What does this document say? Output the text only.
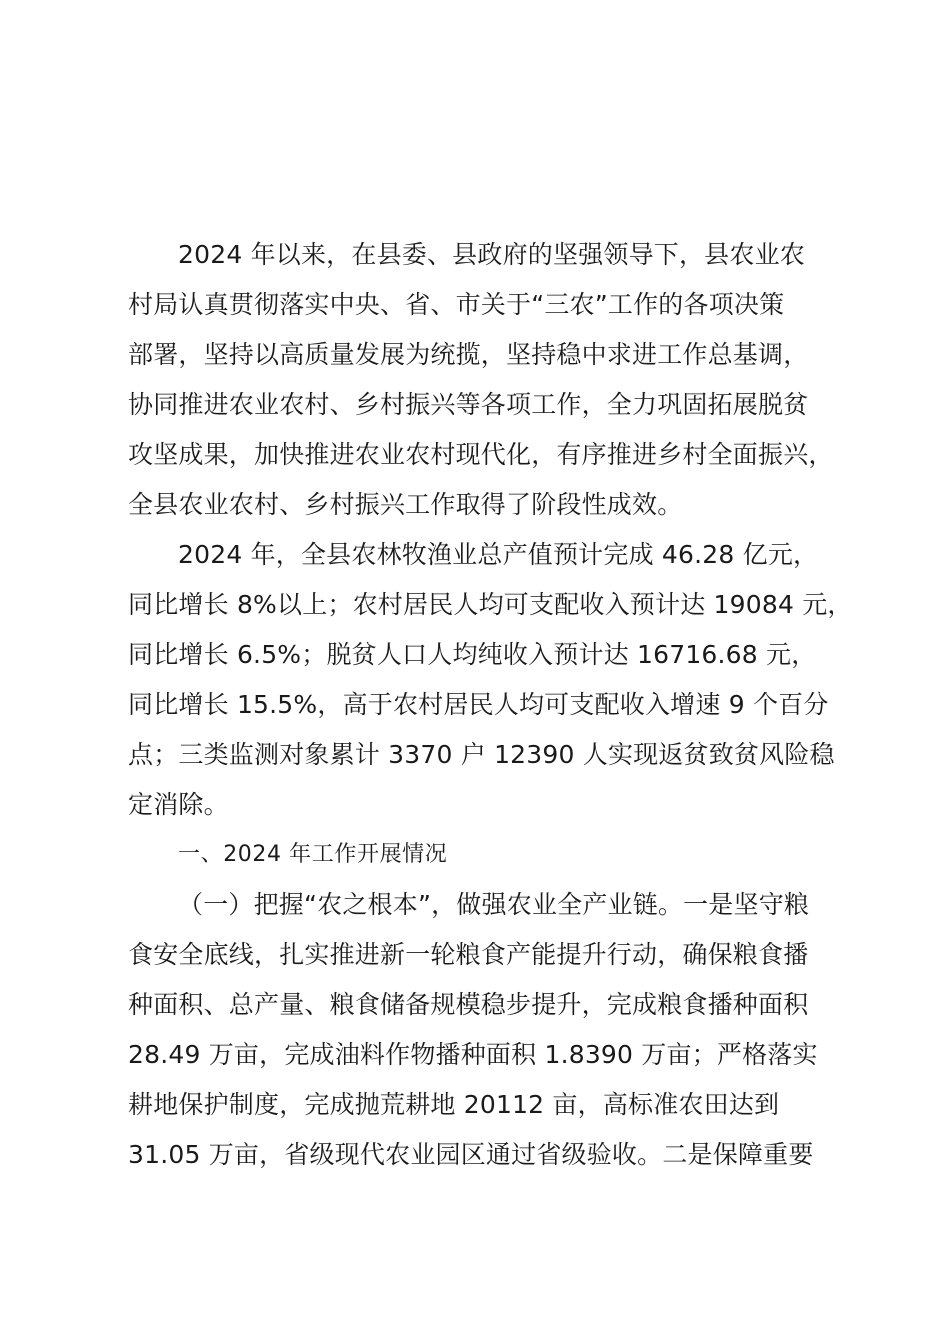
2024 年以来，在县委、县政府的坚强领导下，县农业农
村局认真贯彻落实中央、省、市关于“三农”工作的各项决策
部署，坚持以高质量发展为统揽，坚持稳中求进工作总基调，
协同推进农业农村、乡村振兴等各项工作，全力巩固拓展脱贫
攻坚成果，加快推进农业农村现代化，有序推进乡村全面振兴，
全县农业农村、乡村振兴工作取得了阶段性成效。
2024 年，全县农林牧渔业总产值预计完成 46.28 亿元，
同比增长 8%以上；农村居民人均可支配收入预计达 19084 元，
同比增长 6.5%；脱贫人口人均纯收入预计达 16716.68 元，
同比增长 15.5%，高于农村居民人均可支配收入增速 9 个百分
点；三类监测对象累计 3370 户 12390 人实现返贫致贫风险稳
定消除。
一、2024 年工作开展情况
（一）把握“农之根本”，做强农业全产业链。一是坚守粮
食安全底线，扎实推进新一轮粮食产能提升行动，确保粮食播
种面积、总产量、粮食储备规模稳步提升，完成粮食播种面积
28.49 万亩，完成油料作物播种面积 1.8390 万亩；严格落实
耕地保护制度，完成抛荒耕地 20112 亩，高标准农田达到
31.05 万亩，省级现代农业园区通过省级验收。二是保障重要
